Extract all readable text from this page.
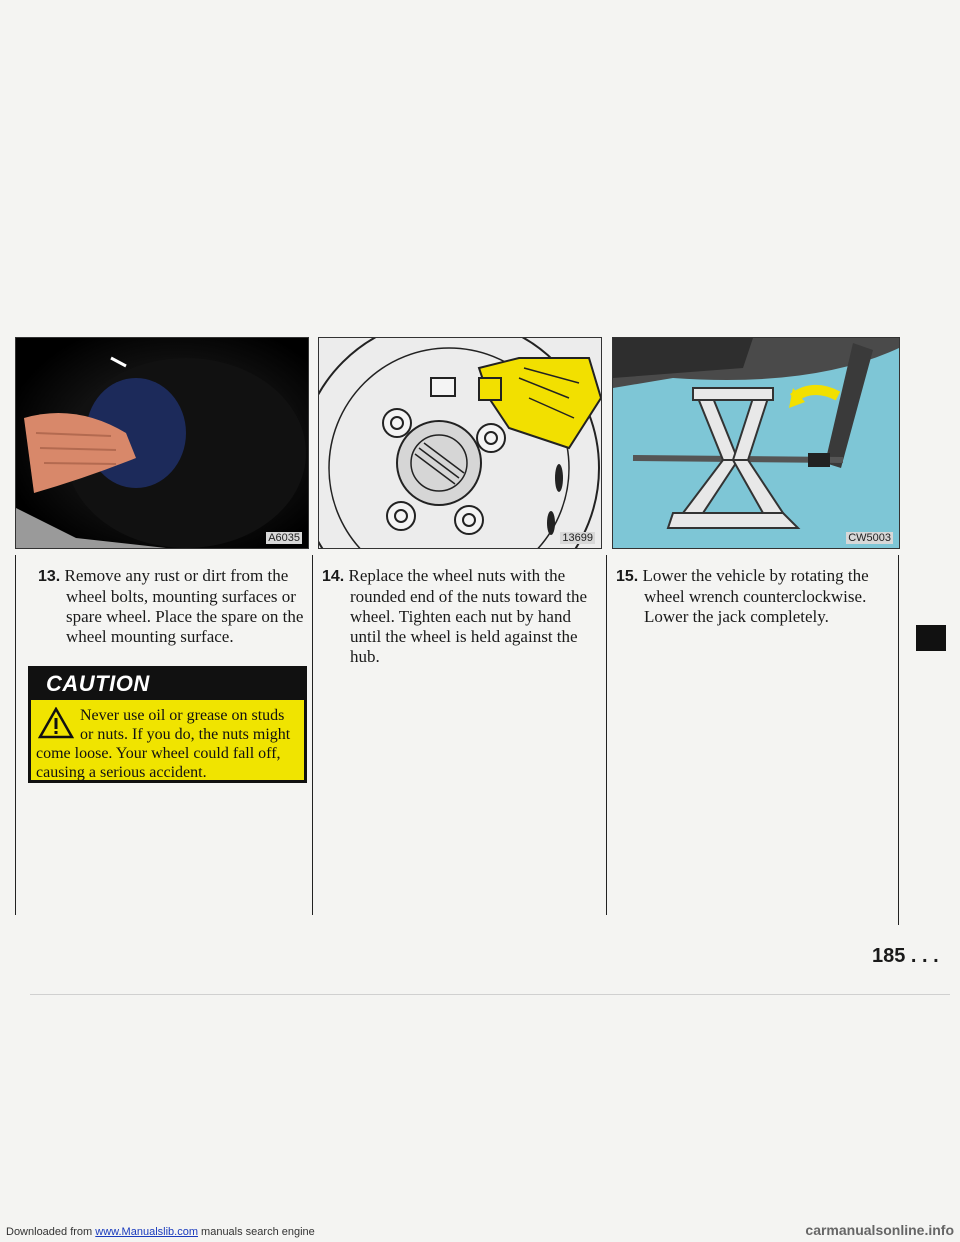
A6035	13699	CW5003
13. Remove any rust or dirt from the
wheel bolts, mounting surfaces or spare wheel. Place the spare on the wheel mounting surface.
CAUTION
Never use oil or grease on studs or nuts. If you do, the nuts might come loose. Your wheel could fall off, causing a serious accident.
14. Replace the wheel nuts with the
rounded end of the nuts toward the wheel. Tighten each nut by hand until the wheel is held against the hub.
15. Lower the vehicle by rotating the
wheel wrench counterclockwise. Lower the jack completely.
185 . . .
Downloaded from www.Manualslib.com manuals search engine	carmanualsonline.info
